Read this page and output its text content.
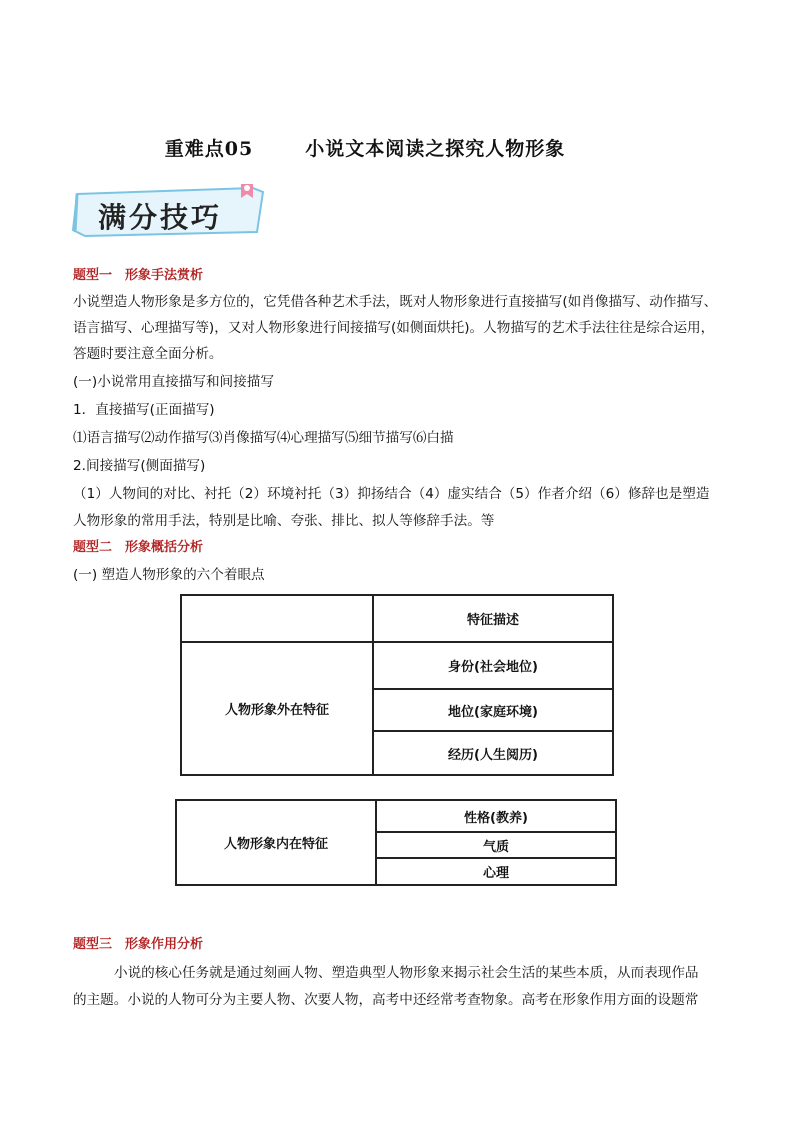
重难点05	小说文本阅读之探究人物形象
满分技巧
题型一　形象手法赏析
小说塑造人物形象是多方位的，它凭借各种艺术手法，既对人物形象进行直接描写(如肖像描写、动作描写、
语言描写、心理描写等)，又对人物形象进行间接描写(如侧面烘托)。人物描写的艺术手法往往是综合运用，
答题时要注意全面分析。
(一)小说常用直接描写和间接描写
1．直接描写(正面描写)
⑴语言描写⑵动作描写⑶肖像描写⑷心理描写⑸细节描写⑹白描
2.间接描写(侧面描写)
（1）人物间的对比、衬托（2）环境衬托（3）抑扬结合（4）虚实结合（5）作者介绍（6）修辞也是塑造
人物形象的常用手法，特别是比喻、夸张、排比、拟人等修辞手法。等
题型二　形象概括分析
(一) 塑造人物形象的六个着眼点
	特征描述
人物形象外在特征	身份(社会地位)
	地位(家庭环境)
	经历(人生阅历)
人物形象内在特征	性格(教养)
气质
心理
题型三　形象作用分析
小说的核心任务就是通过刻画人物、塑造典型人物形象来揭示社会生活的某些本质，从而表现作品
的主题。小说的人物可分为主要人物、次要人物，高考中还经常考查物象。高考在形象作用方面的设题常
